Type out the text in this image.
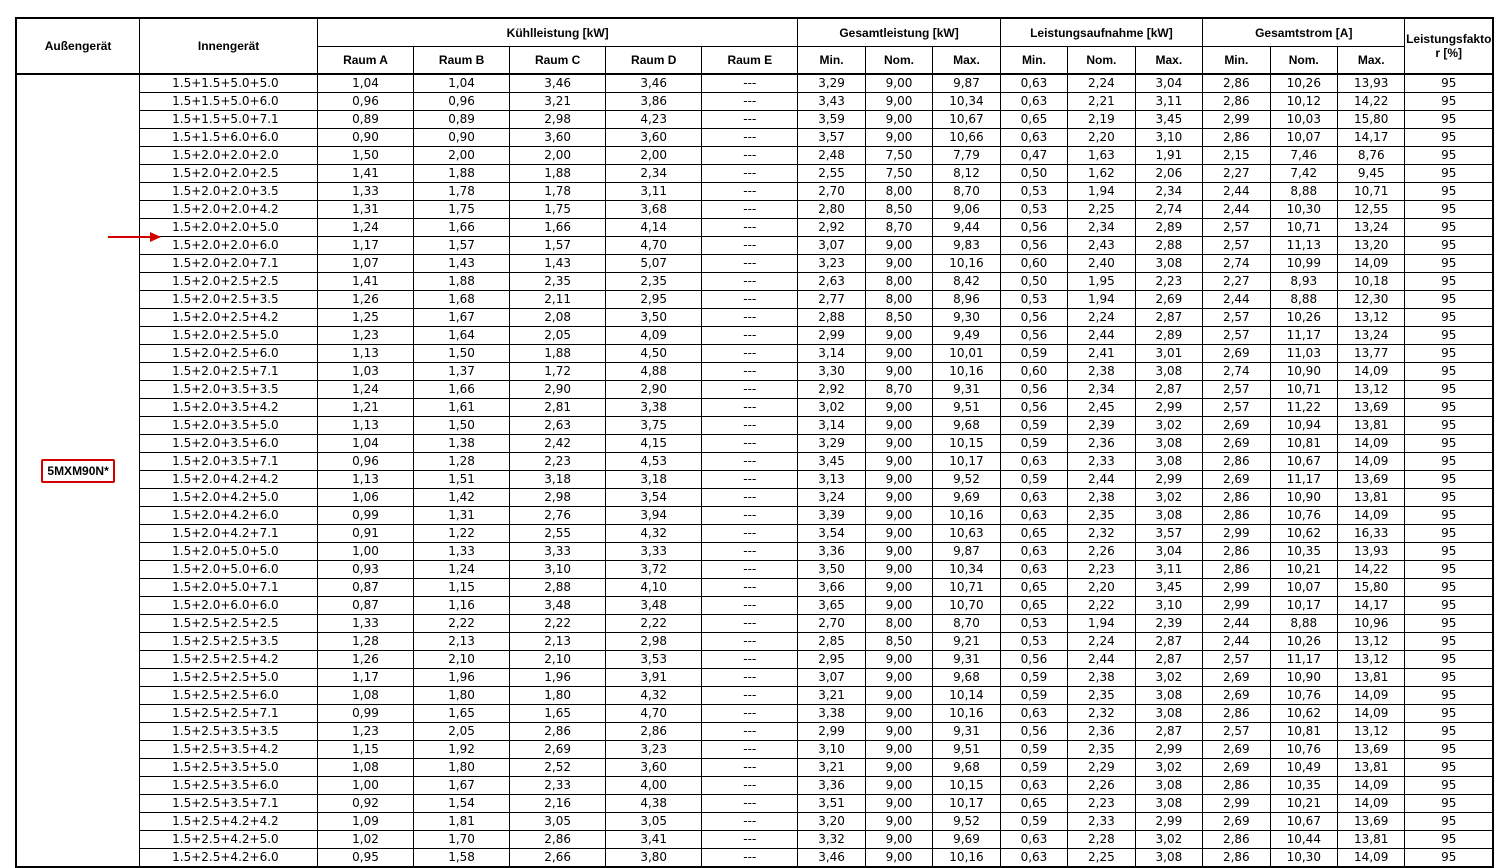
Außengerät	Innengerät	Kühlleistung [kW]					Gesamtleistung [kW]			Leistungsaufnahme [kW]			Gesamtstrom [A]			Leistungsfaktor [%]
		Raum A	Raum B	Raum C	Raum D	Raum E	Min.	Nom.	Max.	Min.	Nom.	Max.	Min.	Nom.	Max.	
5MXM90N*	1.5+1.5+5.0+5.0	1,04	1,04	3,46	3,46	---	3,29	9,00	9,87	0,63	2,24	3,04	2,86	10,26	13,93	95
	1.5+1.5+5.0+6.0	0,96	0,96	3,21	3,86	---	3,43	9,00	10,34	0,63	2,21	3,11	2,86	10,12	14,22	95
	1.5+1.5+5.0+7.1	0,89	0,89	2,98	4,23	---	3,59	9,00	10,67	0,65	2,19	3,45	2,99	10,03	15,80	95
	1.5+1.5+6.0+6.0	0,90	0,90	3,60	3,60	---	3,57	9,00	10,66	0,63	2,20	3,10	2,86	10,07	14,17	95
	1.5+2.0+2.0+2.0	1,50	2,00	2,00	2,00	---	2,48	7,50	7,79	0,47	1,63	1,91	2,15	7,46	8,76	95
	1.5+2.0+2.0+2.5	1,41	1,88	1,88	2,34	---	2,55	7,50	8,12	0,50	1,62	2,06	2,27	7,42	9,45	95
	1.5+2.0+2.0+3.5	1,33	1,78	1,78	3,11	---	2,70	8,00	8,70	0,53	1,94	2,34	2,44	8,88	10,71	95
	1.5+2.0+2.0+4.2	1,31	1,75	1,75	3,68	---	2,80	8,50	9,06	0,53	2,25	2,74	2,44	10,30	12,55	95
	1.5+2.0+2.0+5.0	1,24	1,66	1,66	4,14	---	2,92	8,70	9,44	0,56	2,34	2,89	2,57	10,71	13,24	95
	1.5+2.0+2.0+6.0	1,17	1,57	1,57	4,70	---	3,07	9,00	9,83	0,56	2,43	2,88	2,57	11,13	13,20	95
	1.5+2.0+2.0+7.1	1,07	1,43	1,43	5,07	---	3,23	9,00	10,16	0,60	2,40	3,08	2,74	10,99	14,09	95
	1.5+2.0+2.5+2.5	1,41	1,88	2,35	2,35	---	2,63	8,00	8,42	0,50	1,95	2,23	2,27	8,93	10,18	95
	1.5+2.0+2.5+3.5	1,26	1,68	2,11	2,95	---	2,77	8,00	8,96	0,53	1,94	2,69	2,44	8,88	12,30	95
	1.5+2.0+2.5+4.2	1,25	1,67	2,08	3,50	---	2,88	8,50	9,30	0,56	2,24	2,87	2,57	10,26	13,12	95
	1.5+2.0+2.5+5.0	1,23	1,64	2,05	4,09	---	2,99	9,00	9,49	0,56	2,44	2,89	2,57	11,17	13,24	95
	1.5+2.0+2.5+6.0	1,13	1,50	1,88	4,50	---	3,14	9,00	10,01	0,59	2,41	3,01	2,69	11,03	13,77	95
	1.5+2.0+2.5+7.1	1,03	1,37	1,72	4,88	---	3,30	9,00	10,16	0,60	2,38	3,08	2,74	10,90	14,09	95
	1.5+2.0+3.5+3.5	1,24	1,66	2,90	2,90	---	2,92	8,70	9,31	0,56	2,34	2,87	2,57	10,71	13,12	95
	1.5+2.0+3.5+4.2	1,21	1,61	2,81	3,38	---	3,02	9,00	9,51	0,56	2,45	2,99	2,57	11,22	13,69	95
	1.5+2.0+3.5+5.0	1,13	1,50	2,63	3,75	---	3,14	9,00	9,68	0,59	2,39	3,02	2,69	10,94	13,81	95
	1.5+2.0+3.5+6.0	1,04	1,38	2,42	4,15	---	3,29	9,00	10,15	0,59	2,36	3,08	2,69	10,81	14,09	95
	1.5+2.0+3.5+7.1	0,96	1,28	2,23	4,53	---	3,45	9,00	10,17	0,63	2,33	3,08	2,86	10,67	14,09	95
	1.5+2.0+4.2+4.2	1,13	1,51	3,18	3,18	---	3,13	9,00	9,52	0,59	2,44	2,99	2,69	11,17	13,69	95
	1.5+2.0+4.2+5.0	1,06	1,42	2,98	3,54	---	3,24	9,00	9,69	0,63	2,38	3,02	2,86	10,90	13,81	95
	1.5+2.0+4.2+6.0	0,99	1,31	2,76	3,94	---	3,39	9,00	10,16	0,63	2,35	3,08	2,86	10,76	14,09	95
	1.5+2.0+4.2+7.1	0,91	1,22	2,55	4,32	---	3,54	9,00	10,63	0,65	2,32	3,57	2,99	10,62	16,33	95
	1.5+2.0+5.0+5.0	1,00	1,33	3,33	3,33	---	3,36	9,00	9,87	0,63	2,26	3,04	2,86	10,35	13,93	95
	1.5+2.0+5.0+6.0	0,93	1,24	3,10	3,72	---	3,50	9,00	10,34	0,63	2,23	3,11	2,86	10,21	14,22	95
	1.5+2.0+5.0+7.1	0,87	1,15	2,88	4,10	---	3,66	9,00	10,71	0,65	2,20	3,45	2,99	10,07	15,80	95
	1.5+2.0+6.0+6.0	0,87	1,16	3,48	3,48	---	3,65	9,00	10,70	0,65	2,22	3,10	2,99	10,17	14,17	95
	1.5+2.5+2.5+2.5	1,33	2,22	2,22	2,22	---	2,70	8,00	8,70	0,53	1,94	2,39	2,44	8,88	10,96	95
	1.5+2.5+2.5+3.5	1,28	2,13	2,13	2,98	---	2,85	8,50	9,21	0,53	2,24	2,87	2,44	10,26	13,12	95
	1.5+2.5+2.5+4.2	1,26	2,10	2,10	3,53	---	2,95	9,00	9,31	0,56	2,44	2,87	2,57	11,17	13,12	95
	1.5+2.5+2.5+5.0	1,17	1,96	1,96	3,91	---	3,07	9,00	9,68	0,59	2,38	3,02	2,69	10,90	13,81	95
	1.5+2.5+2.5+6.0	1,08	1,80	1,80	4,32	---	3,21	9,00	10,14	0,59	2,35	3,08	2,69	10,76	14,09	95
	1.5+2.5+2.5+7.1	0,99	1,65	1,65	4,70	---	3,38	9,00	10,16	0,63	2,32	3,08	2,86	10,62	14,09	95
	1.5+2.5+3.5+3.5	1,23	2,05	2,86	2,86	---	2,99	9,00	9,31	0,56	2,36	2,87	2,57	10,81	13,12	95
	1.5+2.5+3.5+4.2	1,15	1,92	2,69	3,23	---	3,10	9,00	9,51	0,59	2,35	2,99	2,69	10,76	13,69	95
	1.5+2.5+3.5+5.0	1,08	1,80	2,52	3,60	---	3,21	9,00	9,68	0,59	2,29	3,02	2,69	10,49	13,81	95
	1.5+2.5+3.5+6.0	1,00	1,67	2,33	4,00	---	3,36	9,00	10,15	0,63	2,26	3,08	2,86	10,35	14,09	95
	1.5+2.5+3.5+7.1	0,92	1,54	2,16	4,38	---	3,51	9,00	10,17	0,65	2,23	3,08	2,99	10,21	14,09	95
	1.5+2.5+4.2+4.2	1,09	1,81	3,05	3,05	---	3,20	9,00	9,52	0,59	2,33	2,99	2,69	10,67	13,69	95
	1.5+2.5+4.2+5.0	1,02	1,70	2,86	3,41	---	3,32	9,00	9,69	0,63	2,28	3,02	2,86	10,44	13,81	95
	1.5+2.5+4.2+6.0	0,95	1,58	2,66	3,80	---	3,46	9,00	10,16	0,63	2,25	3,08	2,86	10,30	14,09	95
